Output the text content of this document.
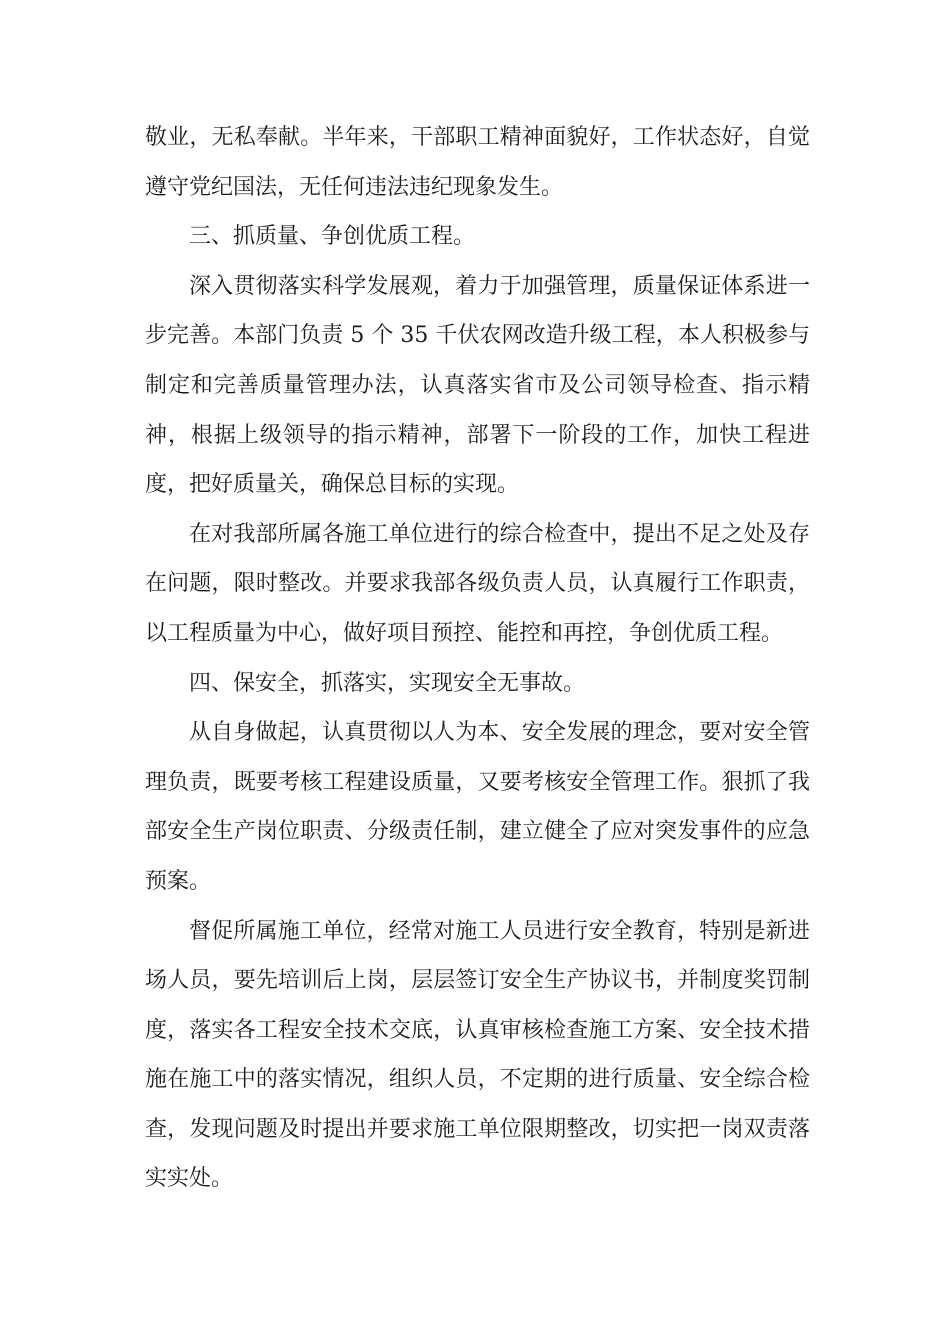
敬业，无私奉献。半年来，干部职工精神面貌好，工作状态好，自觉遵守党纪国法，无任何违法违纪现象发生。

三、抓质量、争创优质工程。

深入贯彻落实科学发展观，着力于加强管理，质量保证体系进一步完善。本部门负责 5 个 35 千伏农网改造升级工程，本人积极参与制定和完善质量管理办法，认真落实省市及公司领导检查、指示精神，根据上级领导的指示精神，部署下一阶段的工作，加快工程进度，把好质量关，确保总目标的实现。

在对我部所属各施工单位进行的综合检查中，提出不足之处及存在问题，限时整改。并要求我部各级负责人员，认真履行工作职责，以工程质量为中心，做好项目预控、能控和再控，争创优质工程。

四、保安全，抓落实，实现安全无事故。

从自身做起，认真贯彻以人为本、安全发展的理念，要对安全管理负责，既要考核工程建设质量，又要考核安全管理工作。狠抓了我部安全生产岗位职责、分级责任制，建立健全了应对突发事件的应急预案。

督促所属施工单位，经常对施工人员进行安全教育，特别是新进场人员，要先培训后上岗，层层签订安全生产协议书，并制度奖罚制度，落实各工程安全技术交底，认真审核检查施工方案、安全技术措施在施工中的落实情况，组织人员，不定期的进行质量、安全综合检查，发现问题及时提出并要求施工单位限期整改，切实把一岗双责落实实处。
